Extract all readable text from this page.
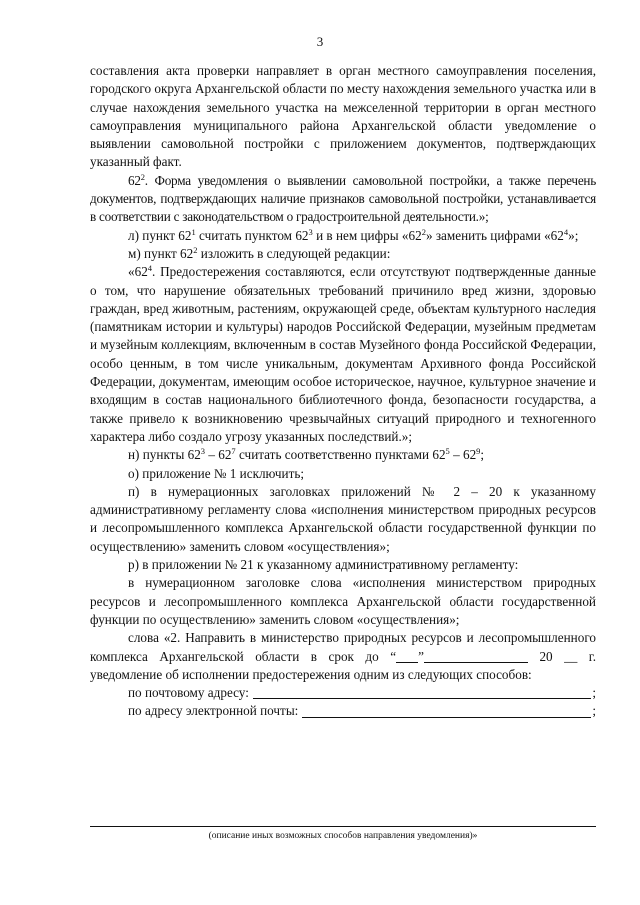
3

составления акта проверки направляет в орган местного самоуправления поселения, городского округа Архангельской области по месту нахождения земельного участка или в случае нахождения земельного участка на межселенной территории в орган местного самоуправления муниципального района Архангельской области уведомление о выявлении самовольной постройки с приложением документов, подтверждающих указанный факт.

$62^2$. Форма уведомления о выявлении самовольной постройки, а также перечень документов, подтверждающих наличие признаков самовольной постройки, устанавливается в соответствии с законодательством о градостроительной деятельности.»;

л) пункт $62^1$ считать пунктом $62^3$ и в нем цифры «$62^2$» заменить цифрами «$62^4$»;

м) пункт $62^2$ изложить в следующей редакции:

«$62^4$. Предостережения составляются, если отсутствуют подтвержденные данные о том, что нарушение обязательных требований причинило вред жизни, здоровью граждан, вред животным, растениям, окружающей среде, объектам культурного наследия (памятникам истории и культуры) народов Российской Федерации, музейным предметам и музейным коллекциям, включенным в состав Музейного фонда Российской Федерации, особо ценным, в том числе уникальным, документам Архивного фонда Российской Федерации, документам, имеющим особое историческое, научное, культурное значение и входящим в состав национального библиотечного фонда, безопасности государства, а также привело к возникновению чрезвычайных ситуаций природного и техногенного характера либо создало угрозу указанных последствий.»;

н) пункты $62^3 - 62^7$ считать соответственно пунктами $62^5 - 62^9$;

о) приложение № 1 исключить;

п) в нумерационных заголовках приложений № 2 – 20 к указанному административному регламенту слова «исполнения министерством природных ресурсов и лесопромышленного комплекса Архангельской области государственной функции по осуществлению» заменить словом «осуществления»;

р) в приложении № 21 к указанному административному регламенту:

в нумерационном заголовке слова «исполнения министерством природных ресурсов и лесопромышленного комплекса Архангельской области государственной функции по осуществлению» заменить словом «осуществления»;

слова «2. Направить в министерство природных ресурсов и лесопромышленного комплекса Архангельской области в срок до “ ”	20 __ г. уведомление об исполнении предостережения одним из следующих способов:

по почтовому адресу:	;
по адресу электронной почты:	;
(описание иных возможных способов направления уведомления)»
